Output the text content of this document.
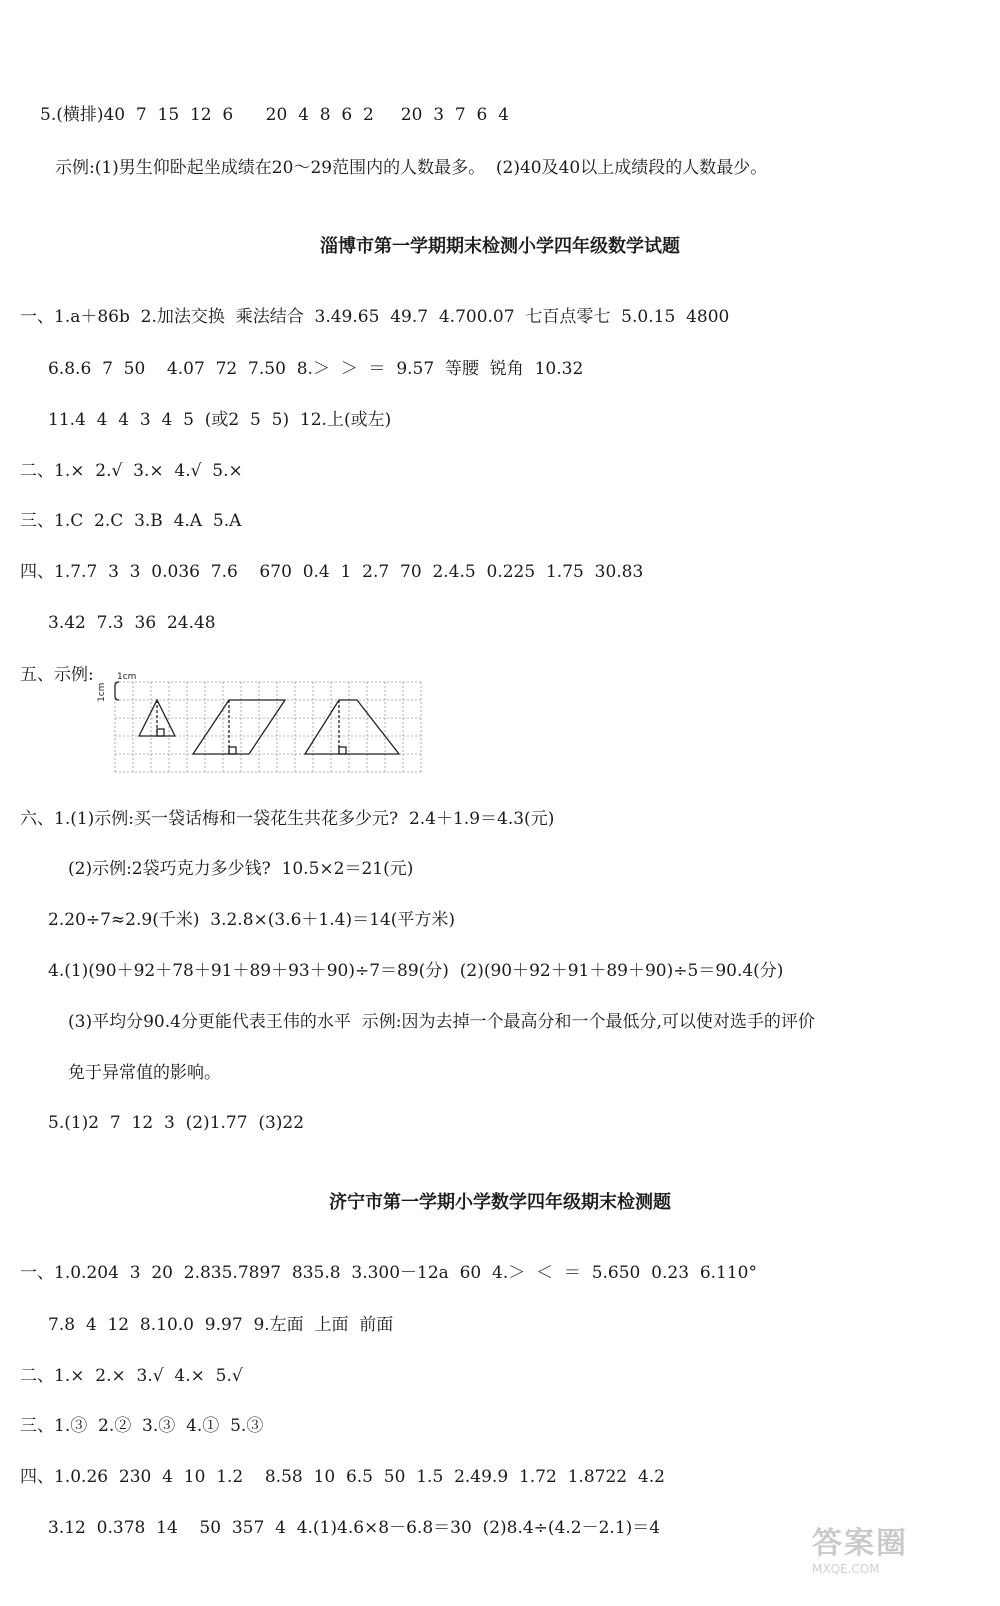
5.(横排)40  7  15  12  6      20  4  8  6  2     20  3  7  6  4
示例:(1)男生仰卧起坐成绩在20～29范围内的人数最多。  (2)40及40以上成绩段的人数最少。
淄博市第一学期期末检测小学四年级数学试题
一、1.a＋86b  2.加法交换  乘法结合  3.49.65  49.7  4.700.07  七百点零七  5.0.15  4800
6.8.6  7  50    4.07  72  7.50  8.＞  ＞  ＝  9.57  等腰  锐角  10.32
11.4  4  4  3  4  5  (或2  5  5)  12.上(或左)
二、1.×  2.√  3.×  4.√  5.×
三、1.C  2.C  3.B  4.A  5.A
四、1.7.7  3  3  0.036  7.6    670  0.4  1  2.7  70  2.4.5  0.225  1.75  30.83
3.42  7.3  36  24.48
五、示例:	1cm
1cm
六、1.(1)示例:买一袋话梅和一袋花生共花多少元?  2.4＋1.9＝4.3(元)
(2)示例:2袋巧克力多少钱?  10.5×2＝21(元)
2.20÷7≈2.9(千米)  3.2.8×(3.6＋1.4)＝14(平方米)
4.(1)(90＋92＋78＋91＋89＋93＋90)÷7＝89(分)  (2)(90＋92＋91＋89＋90)÷5＝90.4(分)
(3)平均分90.4分更能代表王伟的水平  示例:因为去掉一个最高分和一个最低分,可以使对选手的评价
免于异常值的影响。
5.(1)2  7  12  3  (2)1.77  (3)22
济宁市第一学期小学数学四年级期末检测题
一、1.0.204  3  20  2.835.7897  835.8  3.300－12a  60  4.＞  ＜  ＝  5.650  0.23  6.110°
7.8  4  12  8.10.0  9.97  9.左面  上面  前面
二、1.×  2.×  3.√  4.×  5.√
三、1.③  2.②  3.③  4.①  5.③
四、1.0.26  230  4  10  1.2    8.58  10  6.5  50  1.5  2.49.9  1.72  1.8722  4.2
3.12  0.378  14    50  357  4  4.(1)4.6×8－6.8＝30  (2)8.4÷(4.2－2.1)＝4	答案圈
MXQE.COM
